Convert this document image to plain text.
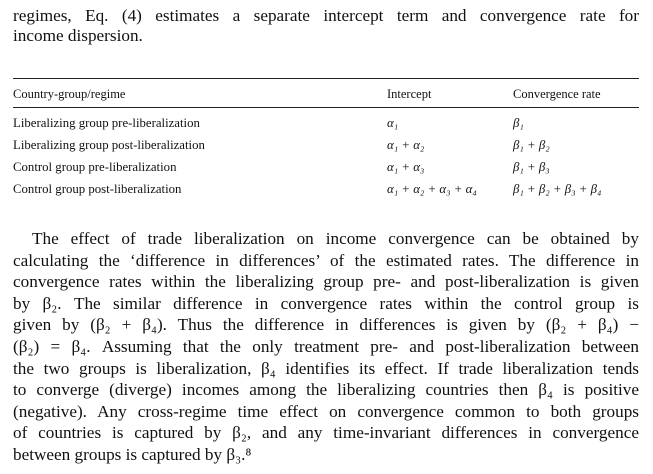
regimes, Eq. (4) estimates a separate intercept term and convergence rate for
income dispersion.
Country-group/regime	Intercept	Convergence rate
Liberalizing group pre-liberalization	α₁	β₁
Liberalizing group post-liberalization	α₁ + α₂	β₁ + β₂
Control group pre-liberalization	α₁ + α₃	β₁ + β₃
Control group post-liberalization	α₁ + α₂ + α₃ + α₄	β₁ + β₂ + β₃ + β₄
The effect of trade liberalization on income convergence can be obtained by
calculating the ‘difference in differences’ of the estimated rates. The difference in
convergence rates within the liberalizing group pre- and post-liberalization is given
by β₂. The similar difference in convergence rates within the control group is
given by (β₂ + β₄). Thus the difference in differences is given by (β₂ + β₄) −
(β₂) = β₄. Assuming that the only treatment pre- and post-liberalization between
the two groups is liberalization, β₄ identifies its effect. If trade liberalization tends
to converge (diverge) incomes among the liberalizing countries then β₄ is positive
(negative). Any cross-regime time effect on convergence common to both groups
of countries is captured by β₂, and any time-invariant differences in convergence
between groups is captured by β₃.⁸
